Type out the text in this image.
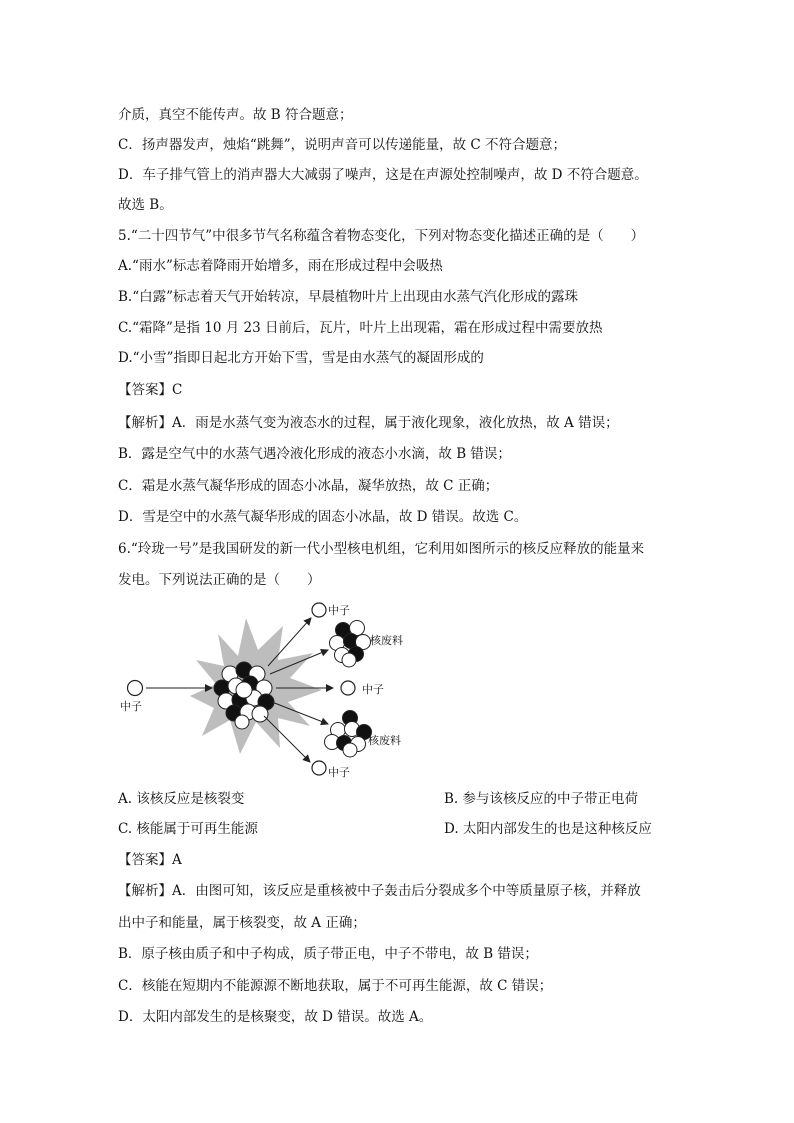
介质，真空不能传声。故 B 符合题意；
C．扬声器发声，烛焰“跳舞”，说明声音可以传递能量，故 C 不符合题意；
D．车子排气管上的消声器大大减弱了噪声，这是在声源处控制噪声，故 D 不符合题意。
故选 B。
5.“二十四节气”中很多节气名称蕴含着物态变化，下列对物态变化描述正确的是（　　）
A.“雨水”标志着降雨开始增多，雨在形成过程中会吸热
B.“白露”标志着天气开始转凉，早晨植物叶片上出现由水蒸气汽化形成的露珠
C.“霜降”是指 10 月 23 日前后，瓦片，叶片上出现霜，霜在形成过程中需要放热
D.“小雪”指即日起北方开始下雪，雪是由水蒸气的凝固形成的
【答案】C
【解析】A．雨是水蒸气变为液态水的过程，属于液化现象，液化放热，故 A 错误；
B．露是空气中的水蒸气遇冷液化形成的液态小水滴，故 B 错误；
C．霜是水蒸气凝华形成的固态小冰晶，凝华放热，故 C 正确；
D．雪是空中的水蒸气凝华形成的固态小冰晶，故 D 错误。故选 C。
6.“玲珑一号”是我国研发的新一代小型核电机组，它利用如图所示的核反应释放的能量来
发电。下列说法正确的是（　　）
中子
中子
核废料
中子
核废料
中子
A. 该核反应是核裂变	B. 参与该核反应的中子带正电荷
C. 核能属于可再生能源	D. 太阳内部发生的也是这种核反应
【答案】A
【解析】A．由图可知，该反应是重核被中子轰击后分裂成多个中等质量原子核，并释放
出中子和能量，属于核裂变，故 A 正确；
B．原子核由质子和中子构成，质子带正电，中子不带电，故 B 错误；
C．核能在短期内不能源源不断地获取，属于不可再生能源，故 C 错误；
D．太阳内部发生的是核聚变，故 D 错误。故选 A。
